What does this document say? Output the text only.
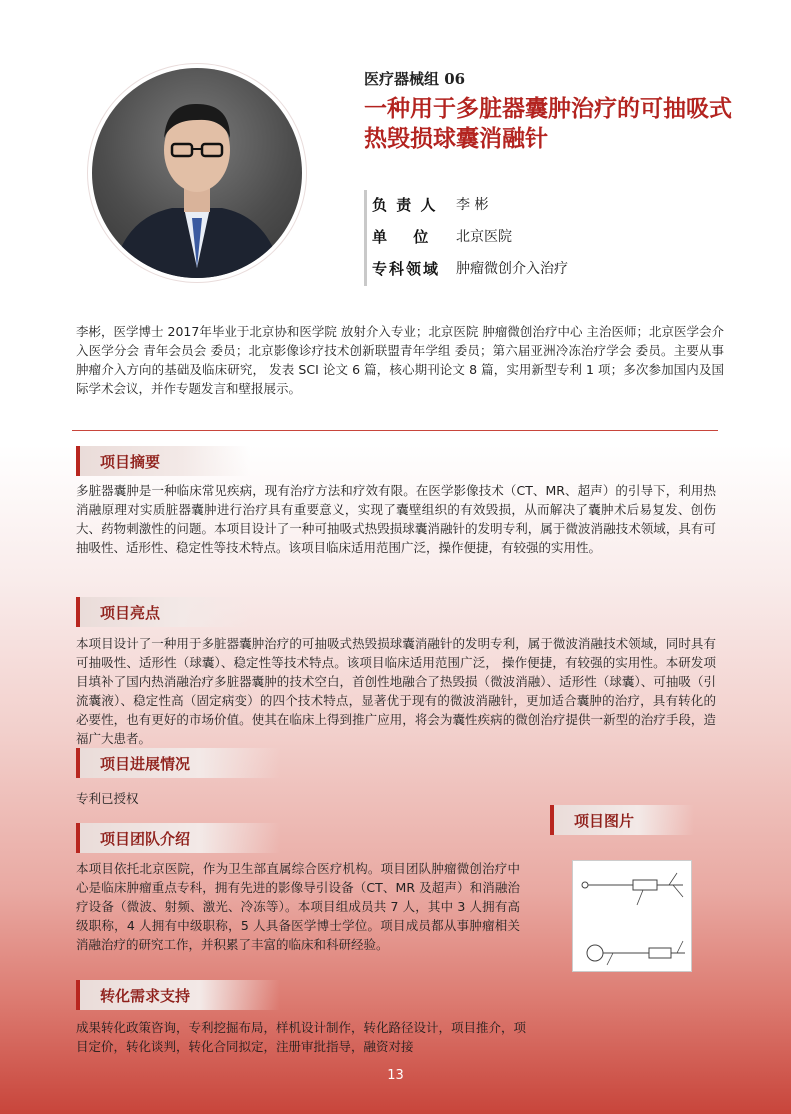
医疗器械组 06
一种用于多脏器囊肿治疗的可抽吸式热毁损球囊消融针
负 责 人	李 彬
单　 位	北京医院
专科领域	肿瘤微创介入治疗

李彬，医学博士 2017年毕业于北京协和医学院 放射介入专业；北京医院 肿瘤微创治疗中心 主治医师；北京医学会介入医学分会 青年会员会 委员；北京影像诊疗技术创新联盟青年学组 委员；第六届亚洲冷冻治疗学会 委员。主要从事肿瘤介入方向的基础及临床研究， 发表 SCI 论文 6 篇，核心期刊论文 8 篇，实用新型专利 1 项；多次参加国内及国际学术会议，并作专题发言和壁报展示。

项目摘要

多脏器囊肿是一种临床常见疾病，现有治疗方法和疗效有限。在医学影像技术（CT、MR、超声）的引导下，利用热消融原理对实质脏器囊肿进行治疗具有重要意义，实现了囊壁组织的有效毁损，从而解决了囊肿术后易复发、创伤大、药物刺激性的问题。本项目设计了一种可抽吸式热毁损球囊消融针的发明专利，属于微波消融技术领域，具有可抽吸性、适形性、稳定性等技术特点。该项目临床适用范围广泛，操作便捷，有较强的实用性。

项目亮点

本项目设计了一种用于多脏器囊肿治疗的可抽吸式热毁损球囊消融针的发明专利，属于微波消融技术领域，同时具有可抽吸性、适形性（球囊）、稳定性等技术特点。该项目临床适用范围广泛， 操作便捷，有较强的实用性。本研发项目填补了国内热消融治疗多脏器囊肿的技术空白，首创性地融合了热毁损（微波消融）、适形性（球囊）、可抽吸（引流囊液）、稳定性高（固定病变）的四个技术特点，显著优于现有的微波消融针，更加适合囊肿的治疗，具有转化的必要性，也有更好的市场价值。使其在临床上得到推广应用，将会为囊性疾病的微创治疗提供一新型的治疗手段，造福广大患者。

项目进展情况

专利已授权

项目团队介绍

本项目依托北京医院，作为卫生部直属综合医疗机构。项目团队肿瘤微创治疗中心是临床肿瘤重点专科，拥有先进的影像导引设备（CT、MR 及超声）和消融治疗设备（微波、射频、激光、冷冻等）。本项目组成员共 7 人，其中 3 人拥有高级职称，4 人拥有中级职称，5 人具备医学博士学位。项目成员都从事肿瘤相关消融治疗的研究工作，并积累了丰富的临床和科研经验。

项目图片
转化需求支持

成果转化政策咨询，专利挖掘布局，样机设计制作，转化路径设计，项目推介，项目定价，转化谈判，转化合同拟定，注册审批指导，融资对接

13
